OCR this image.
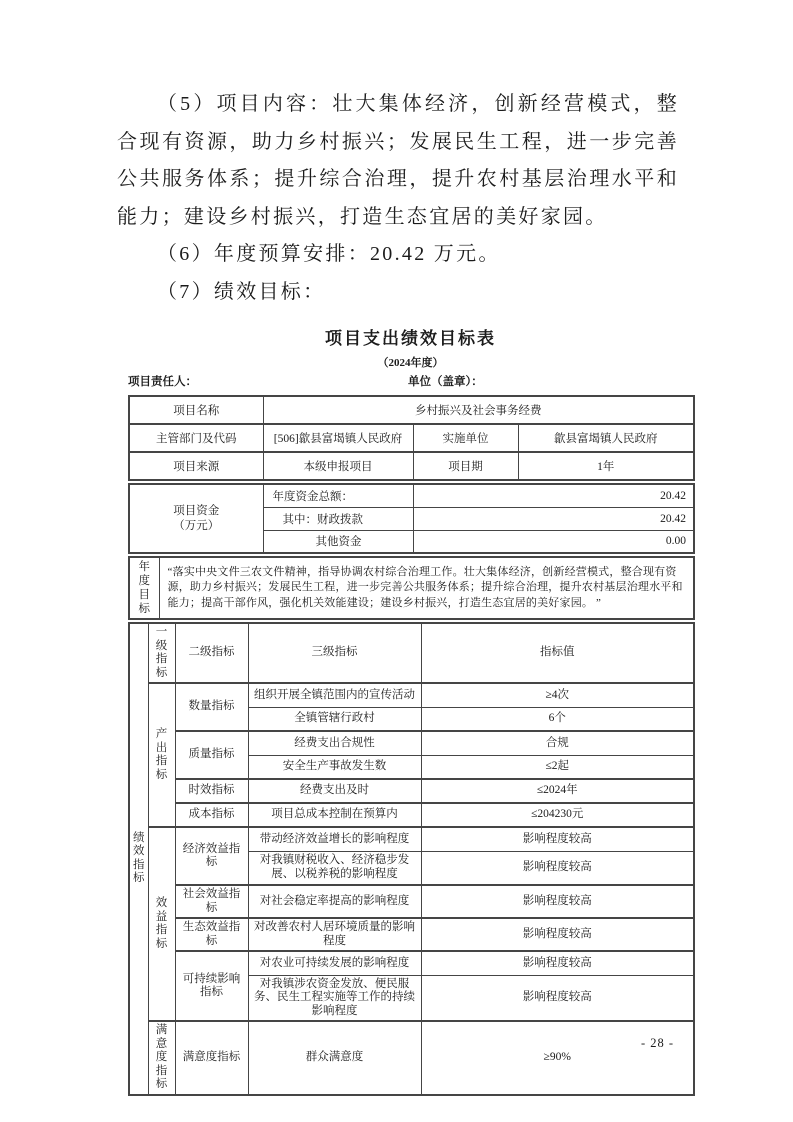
（5）项目内容：壮大集体经济，创新经营模式，整合现有资源，助力乡村振兴；发展民生工程，进一步完善公共服务体系；提升综合治理，提升农村基层治理水平和能力；建设乡村振兴，打造生态宜居的美好家园。

（6）年度预算安排：20.42 万元。

（7）绩效目标：

项目支出绩效目标表
（2024年度）
项目责任人：	单位（盖章）：
项目名称	乡村振兴及社会事务经费		
主管部门及代码	[506]歙县富堨镇人民政府	实施单位	歙县富堨镇人民政府
项目来源	本级申报项目	项目期	1年
项目资金
（万元）	年度资金总额：	20.42
	其中：财政拨款	20.42
	其他资金	0.00
年度目标	“落实中央文件三农文件精神，指导协调农村综合治理工作。壮大集体经济，创新经营模式，整合现有资源，助力乡村振兴；发展民生工程，进一步完善公共服务体系；提升综合治理，提升农村基层治理水平和能力；提高干部作风，强化机关效能建设；建设乡村振兴，打造生态宜居的美好家园。 ”
绩效指标	一级指标	二级指标	三级指标	指标值
	产出指标	数量指标	组织开展全镇范围内的宣传活动	≥4次
			全镇管辖行政村	6个
		质量指标	经费支出合规性	合规
			安全生产事故发生数	≤2起
		时效指标	经费支出及时	≤2024年
		成本指标	项目总成本控制在预算内	≤204230元
	效益指标	经济效益指标	带动经济效益增长的影响程度	影响程度较高
			对我镇财税收入、经济稳步发展、以税养税的影响程度	影响程度较高
		社会效益指标	对社会稳定率提高的影响程度	影响程度较高
		生态效益指标	对改善农村人居环境质量的影响程度	影响程度较高
		可持续影响指标	对农业可持续发展的影响程度	影响程度较高
			对我镇涉农资金发放、便民服务、民生工程实施等工作的持续影响程度	影响程度较高
	满意度指标	满意度指标	群众满意度	≥90%
- 28 -
